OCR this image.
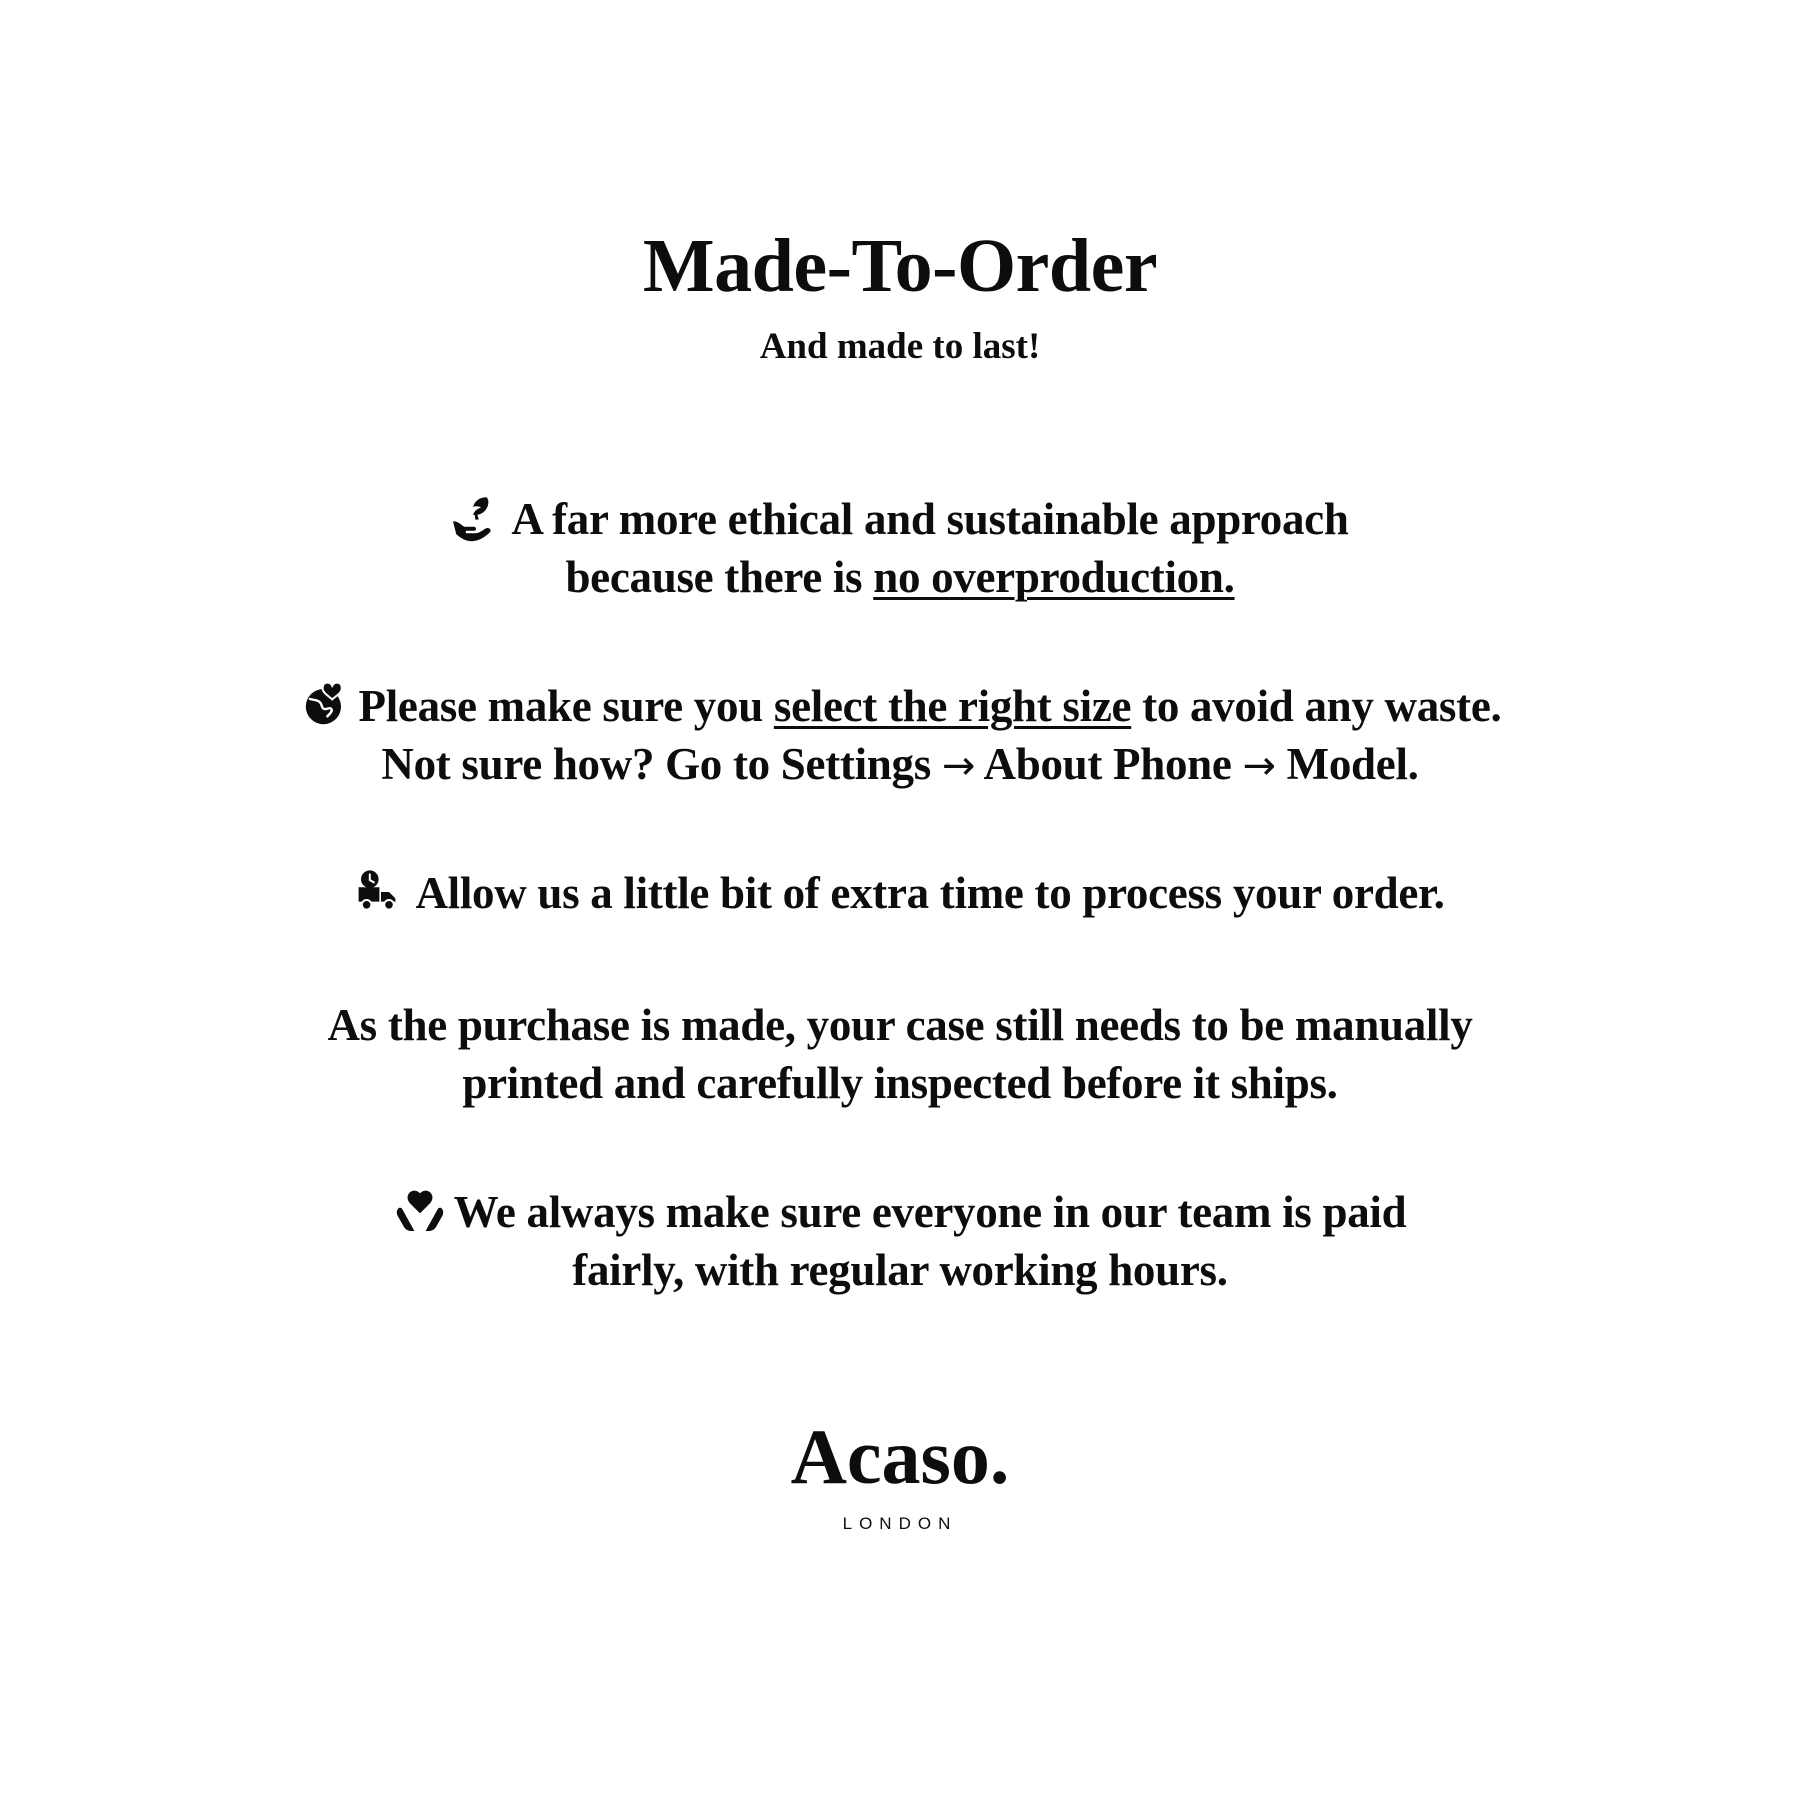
Made-To-Order

And made to last!

A far more ethical and sustainable approach
because there is no overproduction.
Please make sure you select the right size to avoid any waste.
Not sure how? Go to Settings → About Phone → Model.
Allow us a little bit of extra time to process your order.
As the purchase is made, your case still needs to be manually
printed and carefully inspected before it ships.
We always make sure everyone in our team is paid
fairly, with regular working hours.
Acaso.
LONDON
